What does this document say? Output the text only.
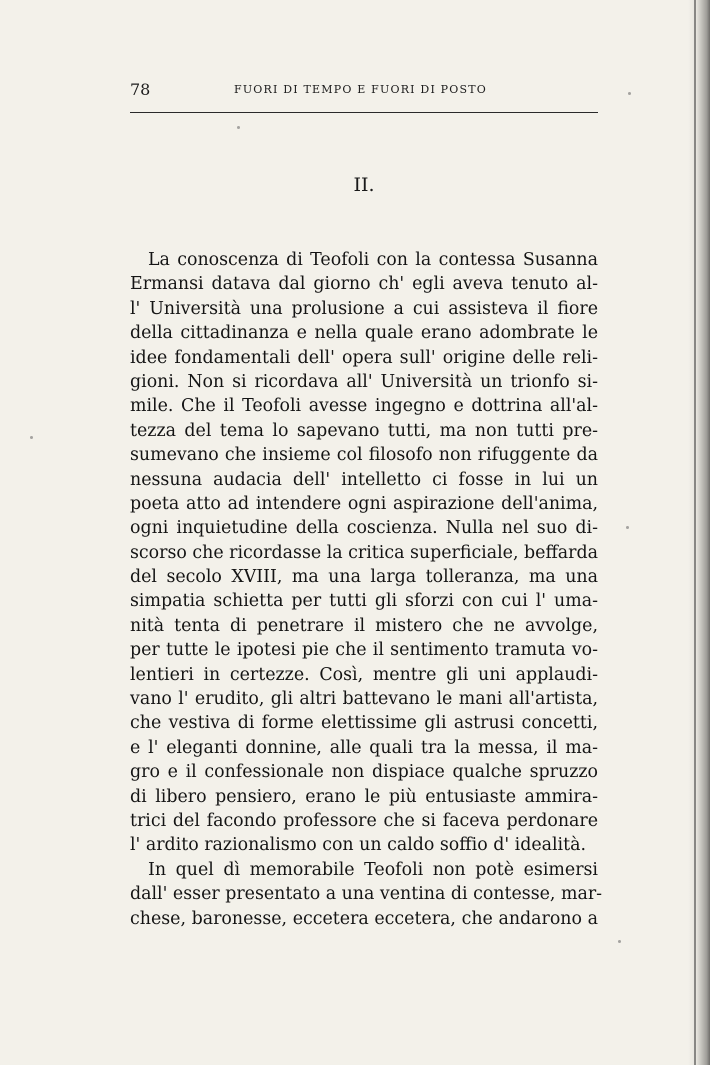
78	FUORI DI TEMPO E FUORI DI POSTO
II.
La conoscenza di Teofoli con la contessa Susanna
Ermansi datava dal giorno ch' egli aveva tenuto al-
l' Università una prolusione a cui assisteva il fiore
della cittadinanza e nella quale erano adombrate le
idee fondamentali dell' opera sull' origine delle reli-
gioni. Non si ricordava all' Università un trionfo si-
mile. Che il Teofoli avesse ingegno e dottrina all'al-
tezza del tema lo sapevano tutti, ma non tutti pre-
sumevano che insieme col filosofo non rifuggente da
nessuna audacia dell' intelletto ci fosse in lui un
poeta atto ad intendere ogni aspirazione dell'anima,
ogni inquietudine della coscienza. Nulla nel suo di-
scorso che ricordasse la critica superficiale, beffarda
del secolo XVIII, ma una larga tolleranza, ma una
simpatia schietta per tutti gli sforzi con cui l' uma-
nità tenta di penetrare il mistero che ne avvolge,
per tutte le ipotesi pie che il sentimento tramuta vo-
lentieri in certezze. Così, mentre gli uni applaudi-
vano l' erudito, gli altri battevano le mani all'artista,
che vestiva di forme elettissime gli astrusi concetti,
e l' eleganti donnine, alle quali tra la messa, il ma-
gro e il confessionale non dispiace qualche spruzzo
di libero pensiero, erano le più entusiaste ammira-
trici del facondo professore che si faceva perdonare
l' ardito razionalismo con un caldo soffio d' idealità.
In quel dì memorabile Teofoli non potè esimersi
dall' esser presentato a una ventina di contesse, mar-
chese, baronesse, eccetera eccetera, che andarono a
